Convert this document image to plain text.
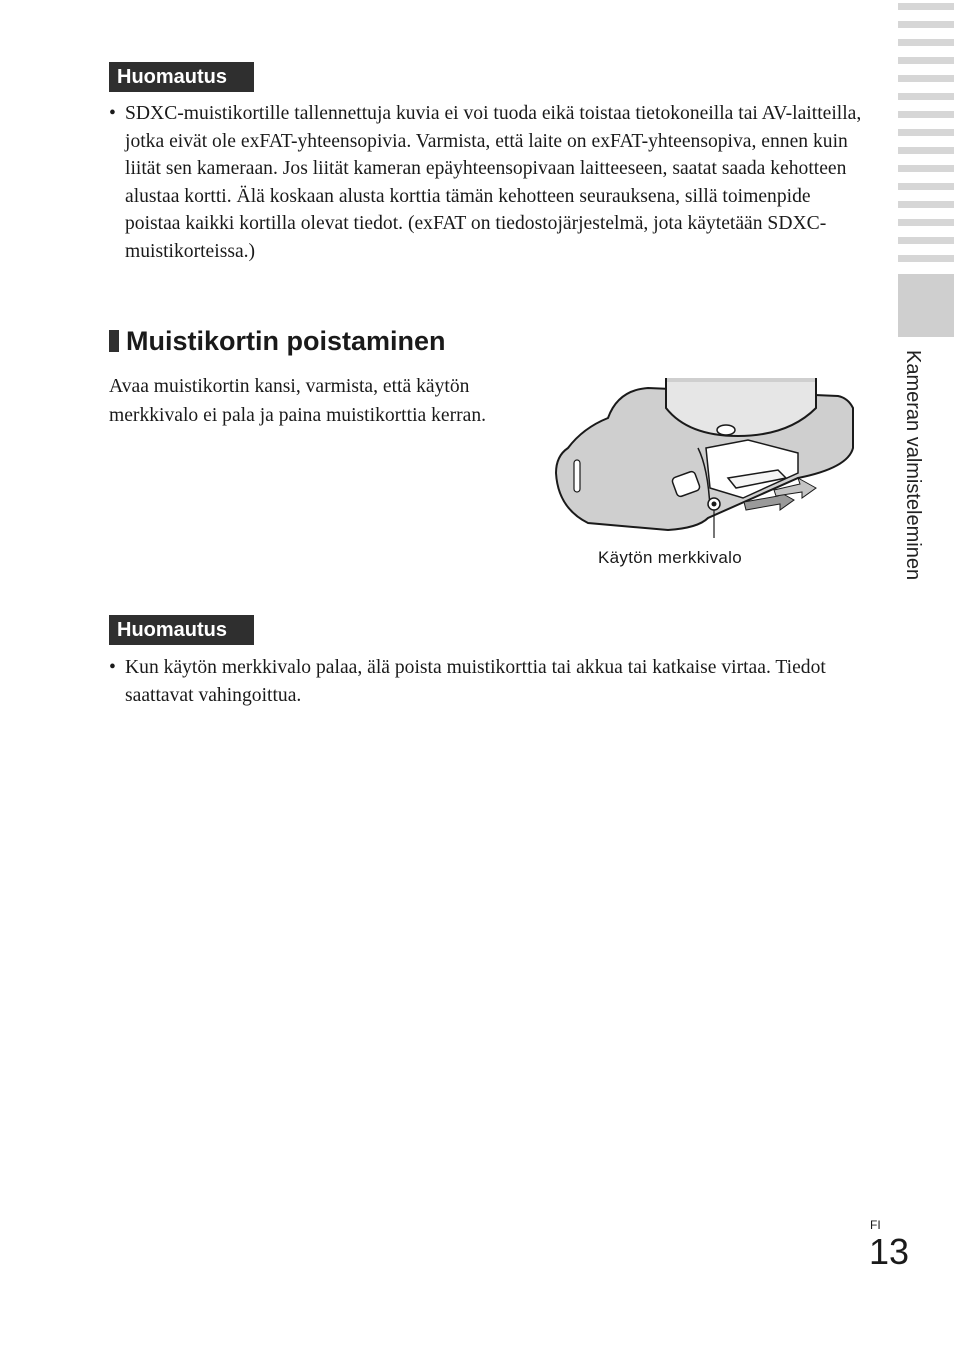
Kameran valmisteleminen
Huomautus
• SDXC-muistikortille tallennettuja kuvia ei voi tuoda eikä toistaa tietokoneilla tai AV-laitteilla, jotka eivät ole exFAT-yhteensopivia. Varmista, että laite on exFAT-yhteensopiva, ennen kuin liität sen kameraan. Jos liität kameran epäyhteensopivaan laitteeseen, saatat saada kehotteen alustaa kortti. Älä koskaan alusta korttia tämän kehotteen seurauksena, sillä toimenpide poistaa kaikki kortilla olevat tiedot. (exFAT on tiedostojärjestelmä, jota käytetään SDXC-muistikorteissa.)
Muistikortin poistaminen
Avaa muistikortin kansi, varmista, että käytön
merkkivalo ei pala ja paina muistikorttia kerran.
Käytön merkkivalo
Huomautus
• Kun käytön merkkivalo palaa, älä poista muistikorttia tai akkua tai katkaise virtaa. Tiedot saattavat vahingoittua.
FI
13
